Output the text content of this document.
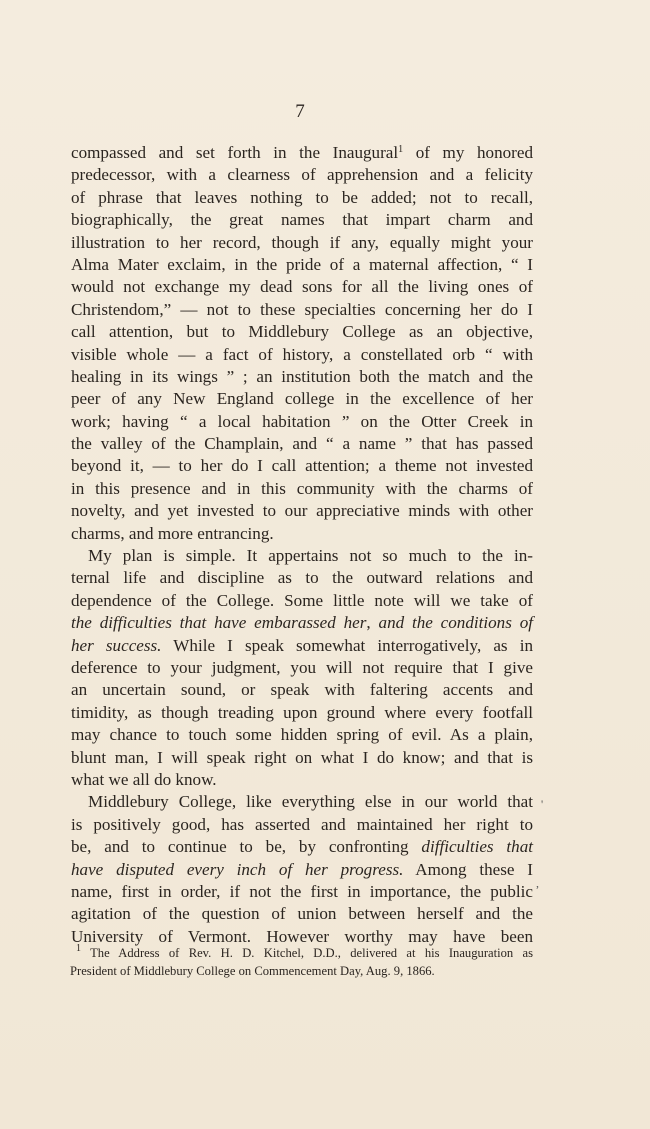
7
compassed and set forth in the Inaugural$^1$ of my honored
predecessor, with a clearness of apprehension and a felicity
of phrase that leaves nothing to be added; not to recall,
biographically, the great names that impart charm and
illustration to her record, though if any, equally might your
Alma Mater exclaim, in the pride of a maternal affection, “ I
would not exchange my dead sons for all the living ones of
Christendom,” — not to these specialties concerning her do I
call attention, but to Middlebury College as an objective,
visible whole — a fact of history, a constellated orb “ with
healing in its wings ” ; an institution both the match and the
peer of any New England college in the excellence of her
work; having “ a local habitation ” on the Otter Creek in
the valley of the Champlain, and “ a name ” that has passed
beyond it, — to her do I call attention; a theme not invested
in this presence and in this community with the charms of
novelty, and yet invested to our appreciative minds with other
charms, and more entrancing.
My plan is simple. It appertains not so much to the in-
ternal life and discipline as to the outward relations and
dependence of the College. Some little note will we take of
the difficulties that have embarassed her, and the conditions of
her success. While I speak somewhat interrogatively, as in
deference to your judgment, you will not require that I give
an uncertain sound, or speak with faltering accents and
timidity, as though treading upon ground where every footfall
may chance to touch some hidden spring of evil. As a plain,
blunt man, I will speak right on what I do know; and that is
what we all do know.
Middlebury College, like everything else in our world that
is positively good, has asserted and maintained her right to
be, and to continue to be, by confronting difficulties that
have disputed every inch of her progress. Among these I
name, first in order, if not the first in importance, the public
agitation of the question of union between herself and the
University of Vermont. However worthy may have been
$^1$ The Address of Rev. H. D. Kitchel, D.D., delivered at his Inauguration as
President of Middlebury College on Commencement Day, Aug. 9, 1866.
'
,
